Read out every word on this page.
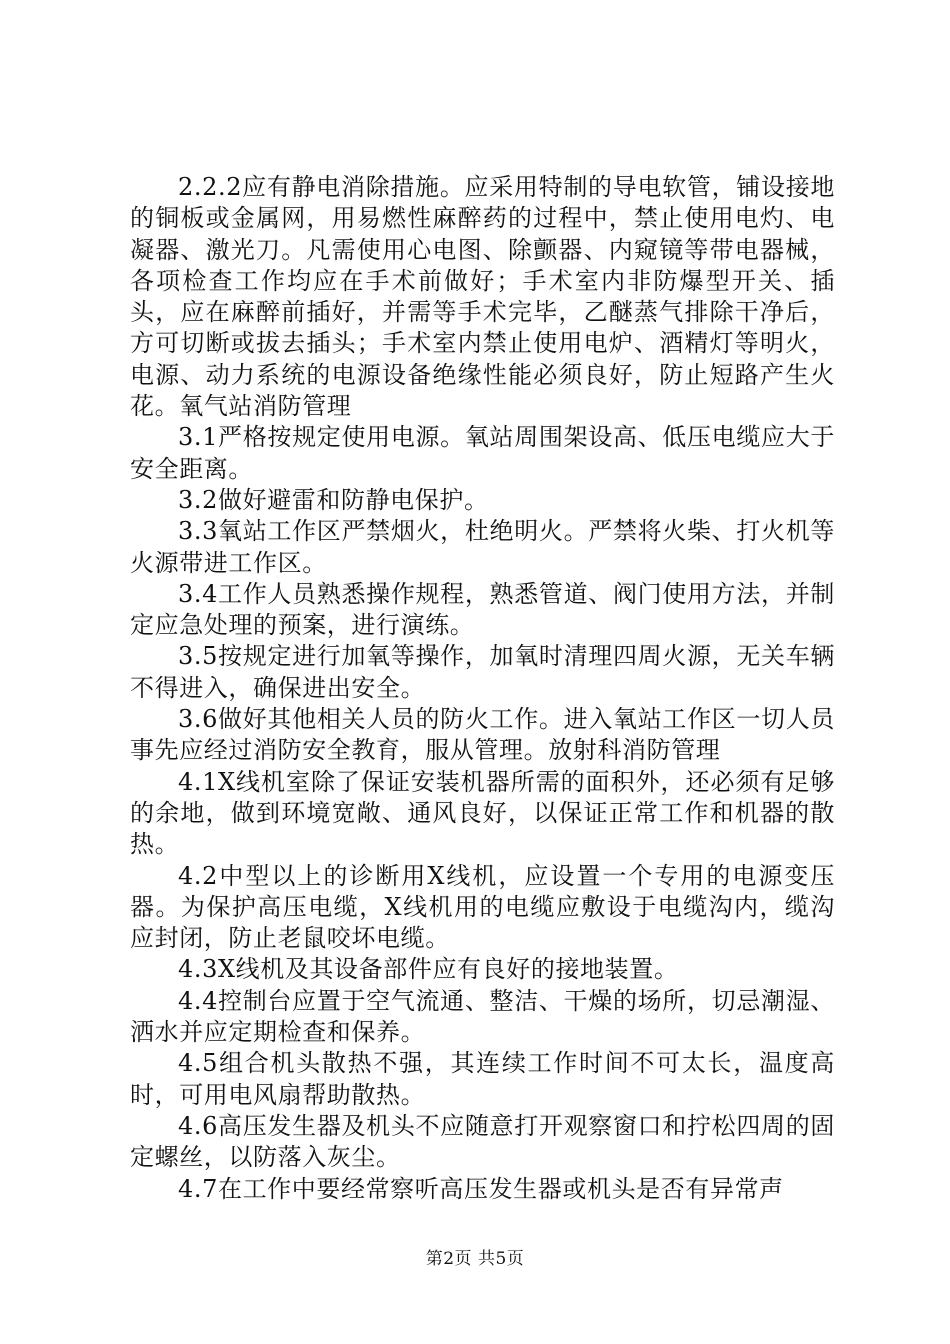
2.2.2应有静电消除措施。应采用特制的导电软管，铺设接地的铜板或金属网，用易燃性麻醉药的过程中，禁止使用电灼、电凝器、激光刀。凡需使用心电图、除颤器、内窥镜等带电器械，各项检查工作均应在手术前做好；手术室内非防爆型开关、插头，应在麻醉前插好，并需等手术完毕，乙醚蒸气排除干净后，方可切断或拔去插头；手术室内禁止使用电炉、酒精灯等明火，电源、动力系统的电源设备绝缘性能必须良好，防止短路产生火花。氧气站消防管理

3.1严格按规定使用电源。氧站周围架设高、低压电缆应大于安全距离。

3.2做好避雷和防静电保护。

3.3氧站工作区严禁烟火，杜绝明火。严禁将火柴、打火机等火源带进工作区。

3.4工作人员熟悉操作规程，熟悉管道、阀门使用方法，并制定应急处理的预案，进行演练。

3.5按规定进行加氧等操作，加氧时清理四周火源，无关车辆不得进入，确保进出安全。

3.6做好其他相关人员的防火工作。进入氧站工作区一切人员事先应经过消防安全教育，服从管理。放射科消防管理

4.1X线机室除了保证安装机器所需的面积外，还必须有足够的余地，做到环境宽敞、通风良好，以保证正常工作和机器的散热。

4.2中型以上的诊断用X线机，应设置一个专用的电源变压器。为保护高压电缆，X线机用的电缆应敷设于电缆沟内，缆沟应封闭，防止老鼠咬坏电缆。

4.3X线机及其设备部件应有良好的接地装置。

4.4控制台应置于空气流通、整洁、干燥的场所，切忌潮湿、洒水并应定期检查和保养。

4.5组合机头散热不强，其连续工作时间不可太长，温度高时，可用电风扇帮助散热。

4.6高压发生器及机头不应随意打开观察窗口和拧松四周的固定螺丝，以防落入灰尘。

4.7在工作中要经常察听高压发生器或机头是否有异常声

第2页 共5页
